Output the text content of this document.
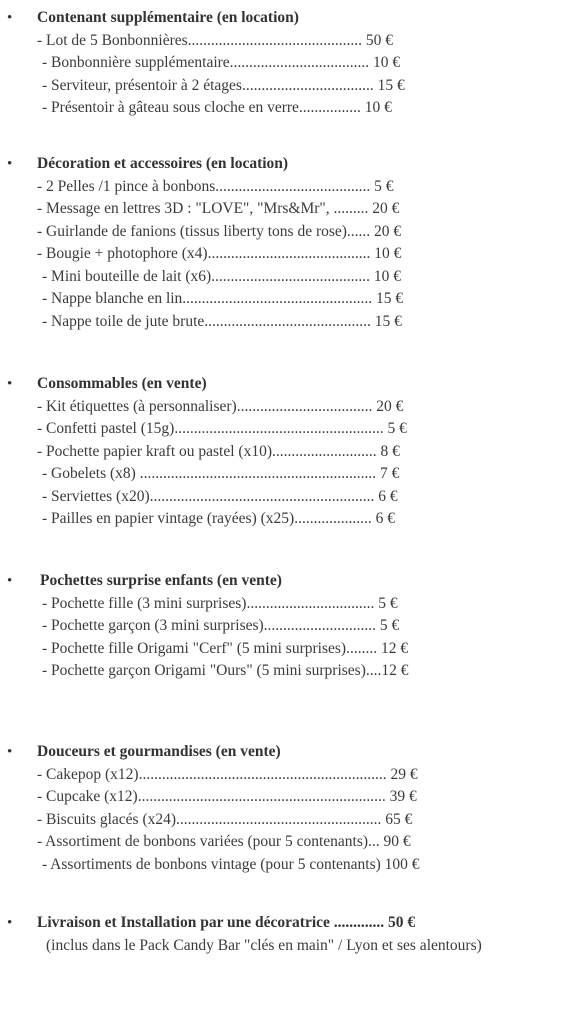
•	Contenant supplémentaire (en location)
- Lot de 5 Bonbonnières............................................. 50 €
- Bonbonnière supplémentaire.................................... 10 €
- Serviteur, présentoir à 2 étages.................................. 15 €
- Présentoir à gâteau sous cloche en verre................ 10 €
•	Décoration et accessoires (en location)
- 2 Pelles /1 pince à bonbons........................................ 5 €
- Message en lettres 3D : "LOVE", "Mrs&Mr", ......... 20 €
- Guirlande de fanions (tissus liberty tons de rose)...... 20 €
- Bougie + photophore (x4).......................................... 10 €
- Mini bouteille de lait (x6)......................................... 10 €
- Nappe blanche en lin................................................. 15 €
- Nappe toile de jute brute........................................... 15 €
•	Consommables (en vente)
- Kit étiquettes (à personnaliser)................................... 20 €
- Confetti pastel (15g)...................................................... 5 €
- Pochette papier kraft ou pastel (x10)........................... 8 €
- Gobelets (x8) ............................................................. 7 €
- Serviettes (x20).......................................................... 6 €
- Pailles en papier vintage (rayées) (x25).................... 6 €
•	Pochettes surprise enfants (en vente)
- Pochette fille (3 mini surprises)................................. 5 €
- Pochette garçon (3 mini surprises)............................. 5 €
- Pochette fille Origami "Cerf" (5 mini surprises)........ 12 €
- Pochette garçon Origami "Ours" (5 mini surprises)....12 €
•	Douceurs et gourmandises (en vente)
- Cakepop (x12)................................................................ 29 €
- Cupcake (x12)................................................................ 39 €
- Biscuits glacés (x24)..................................................... 65 €
- Assortiment de bonbons variées (pour 5 contenants)... 90 €
- Assortiments de bonbons vintage (pour 5 contenants) 100 €
•	Livraison et Installation par une décoratrice ............. 50 €
(inclus dans le Pack Candy Bar "clés en main" / Lyon et ses alentours)
